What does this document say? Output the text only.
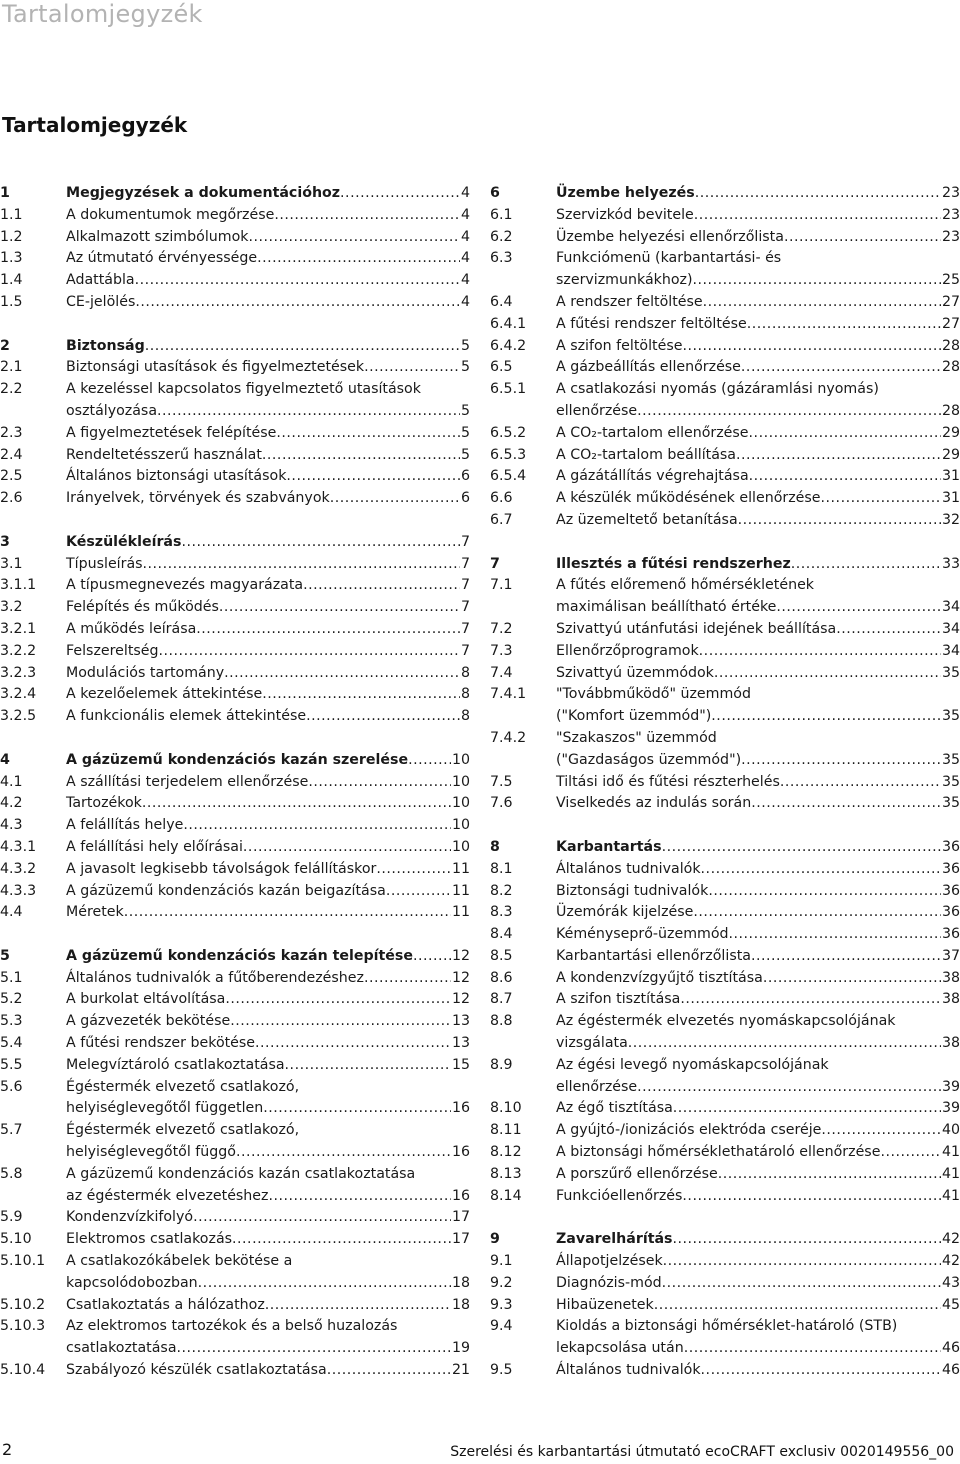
Tartalomjegyzék
Tartalomjegyzék
1	Megjegyzések a dokumentációhoz .....	4
1.1	A dokumentumok megőrzése .....	4
1.2	Alkalmazott szimbólumok .....	4
1.3	Az útmutató érvényessége .....	4
1.4	Adattábla .....	4
1.5	CE-jelölés .....	4
2	Biztonság .....	5
2.1	Biztonsági utasítások és figyelmeztetések .....	5
2.2	A kezeléssel kapcsolatos figyelmeztető utasítások
osztályozása .....	5
2.3	A figyelmeztetések felépítése .....	5
2.4	Rendeltetésszerű használat .....	5
2.5	Általános biztonsági utasítások .....	6
2.6	Irányelvek, törvények és szabványok .....	6
3	Készülékleírás .....	7
3.1	Típusleírás .....	7
3.1.1	A típusmegnevezés magyarázata .....	7
3.2	Felépítés és működés .....	7
3.2.1	A működés leírása .....	7
3.2.2	Felszereltség .....	7
3.2.3	Modulációs tartomány .....	8
3.2.4	A kezelőelemek áttekintése .....	8
3.2.5	A funkcionális elemek áttekintése .....	8
4	A gázüzemű kondenzációs kazán szerelése .....	10
4.1	A szállítási terjedelem ellenőrzése .....	10
4.2	Tartozékok .....	10
4.3	A felállítás helye .....	10
4.3.1	A felállítási hely előírásai .....	10
4.3.2	A javasolt legkisebb távolságok felállításkor .....	11
4.3.3	A gázüzemű kondenzációs kazán beigazítása .....	11
4.4	Méretek .....	11
5	A gázüzemű kondenzációs kazán telepítése .....	12
5.1	Általános tudnivalók a fűtőberendezéshez .....	12
5.2	A burkolat eltávolítása .....	12
5.3	A gázvezeték bekötése .....	13
5.4	A fűtési rendszer bekötése .....	13
5.5	Melegvíztároló csatlakoztatása .....	15
5.6	Égéstermék elvezető csatlakozó,
helyiséglevegőtől független .....	16
5.7	Égéstermék elvezető csatlakozó,
helyiséglevegőtől függő .....	16
5.8	A gázüzemű kondenzációs kazán csatlakoztatása
az égéstermék elvezetéshez .....	16
5.9	Kondenzvízkifolyó .....	17
5.10	Elektromos csatlakozás .....	17
5.10.1	A csatlakozókábelek bekötése a
kapcsolódobozban .....	18
5.10.2	Csatlakoztatás a hálózathoz .....	18
5.10.3	Az elektromos tartozékok és a belső huzalozás
csatlakoztatása .....	19
5.10.4	Szabályozó készülék csatlakoztatása .....	21
6	Üzembe helyezés .....	23
6.1	Szervizkód bevitele .....	23
6.2	Üzembe helyezési ellenőrzőlista .....	23
6.3	Funkciómenü (karbantartási- és
szervizmunkákhoz) .....	25
6.4	A rendszer feltöltése .....	27
6.4.1	A fűtési rendszer feltöltése .....	27
6.4.2	A szifon feltöltése .....	28
6.5	A gázbeállítás ellenőrzése .....	28
6.5.1	A csatlakozási nyomás (gázáramlási nyomás)
ellenőrzése .....	28
6.5.2	A CO₂-tartalom ellenőrzése .....	29
6.5.3	A CO₂-tartalom beállítása .....	29
6.5.4	A gázátállítás végrehajtása .....	31
6.6	A készülék működésének ellenőrzése .....	31
6.7	Az üzemeltető betanítása .....	32
7	Illesztés a fűtési rendszerhez .....	33
7.1	A fűtés előremenő hőmérsékletének
maximálisan beállítható értéke .....	34
7.2	Szivattyú utánfutási idejének beállítása .....	34
7.3	Ellenőrzőprogramok .....	34
7.4	Szivattyú üzemmódok .....	35
7.4.1	"Továbbműködő" üzemmód
("Komfort üzemmód") .....	35
7.4.2	"Szakaszos" üzemmód
("Gazdaságos üzemmód") .....	35
7.5	Tiltási idő és fűtési részterhelés .....	35
7.6	Viselkedés az indulás során .....	35
8	Karbantartás .....	36
8.1	Általános tudnivalók .....	36
8.2	Biztonsági tudnivalók .....	36
8.3	Üzemórák kijelzése .....	36
8.4	Kéményseprő-üzemmód .....	36
8.5	Karbantartási ellenőrzőlista .....	37
8.6	A kondenzvízgyűjtő tisztítása .....	38
8.7	A szifon tisztítása .....	38
8.8	Az égéstermék elvezetés nyomáskapcsolójának
vizsgálata .....	38
8.9	Az égési levegő nyomáskapcsolójának
ellenőrzése .....	39
8.10	Az égő tisztítása .....	39
8.11	A gyújtó-/ionizációs elektróda cseréje .....	40
8.12	A biztonsági hőmérséklethatároló ellenőrzése .....	41
8.13	A porszűrő ellenőrzése .....	41
8.14	Funkcióellenőrzés .....	41
9	Zavarelhárítás .....	42
9.1	Állapotjelzések .....	42
9.2	Diagnózis-mód .....	43
9.3	Hibaüzenetek .....	45
9.4	Kioldás a biztonsági hőmérséklet-határoló (STB)
lekapcsolása után .....	46
9.5	Általános tudnivalók .....	46
2	Szerelési és karbantartási útmutató ecoCRAFT exclusiv 0020149556_00
